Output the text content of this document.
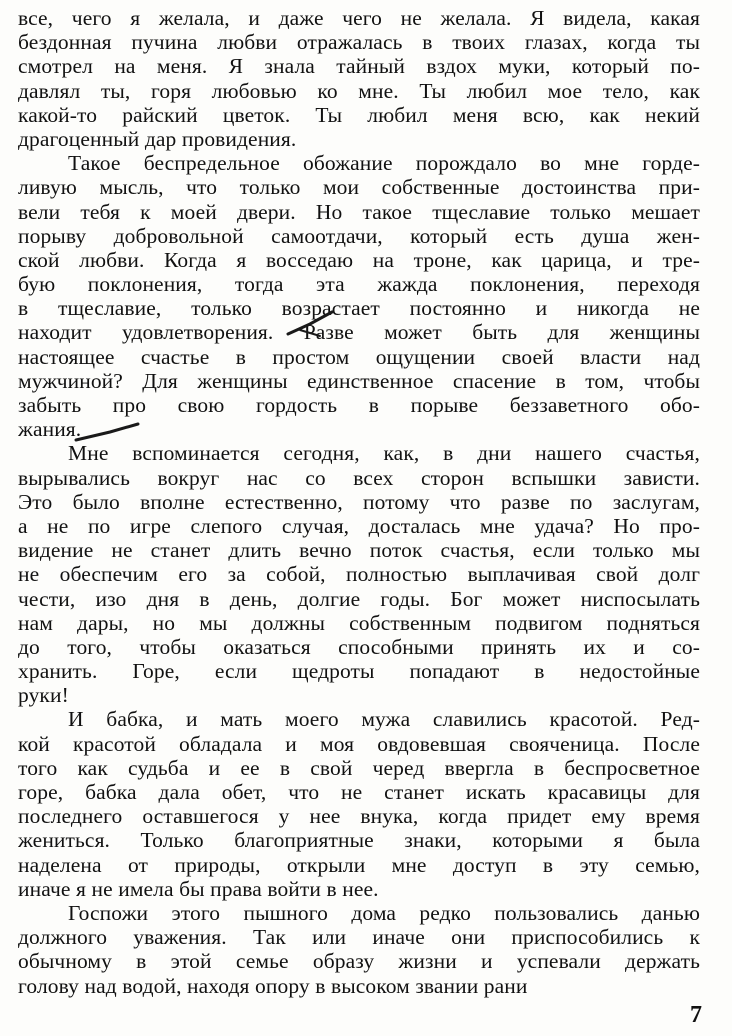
все, чего я желала, и даже чего не желала. Я видела, какая
бездонная пучина любви отражалась в твоих глазах, когда ты
смотрел на меня. Я знала тайный вздох муки, который по-
давлял ты, горя любовью ко мне. Ты любил мое тело, как
какой-то райский цветок. Ты любил меня всю, как некий
драгоценный дар провидения.
Такое беспредельное обожание порождало во мне горде-
ливую мысль, что только мои собственные достоинства при-
вели тебя к моей двери. Но такое тщеславие только мешает
порыву добровольной самоотдачи, который есть душа жен-
ской любви. Когда я восседаю на троне, как царица, и тре-
бую поклонения, тогда эта жажда поклонения, переходя
в тщеславие, только возрастает постоянно и никогда не
находит удовлетворения. Разве может быть для женщины
настоящее счастье в простом ощущении своей власти над
мужчиной? Для женщины единственное спасение в том, чтобы
забыть про свою гордость в порыве беззаветного обо-
жания.
Мне вспоминается сегодня, как, в дни нашего счастья,
вырывались вокруг нас со всех сторон вспышки зависти.
Это было вполне естественно, потому что разве по заслугам,
а не по игре слепого случая, досталась мне удача? Но про-
видение не станет длить вечно поток счастья, если только мы
не обеспечим его за собой, полностью выплачивая свой долг
чести, изо дня в день, долгие годы. Бог может ниспосылать
нам дары, но мы должны собственным подвигом подняться
до того, чтобы оказаться способными принять их и со-
хранить. Горе, если щедроты попадают в недостойные
руки!
И бабка, и мать моего мужа славились красотой. Ред-
кой красотой обладала и моя овдовевшая свояченица. После
того как судьба и ее в свой черед ввергла в беспросветное
горе, бабка дала обет, что не станет искать красавицы для
последнего оставшегося у нее внука, когда придет ему время
жениться. Только благоприятные знаки, которыми я была
наделена от природы, открыли мне доступ в эту семью,
иначе я не имела бы права войти в нее.
Госпожи этого пышного дома редко пользовались данью
должного уважения. Так или иначе они приспособились к
обычному в этой семье образу жизни и успевали держать
голову над водой, находя опору в высоком звании рани
7
